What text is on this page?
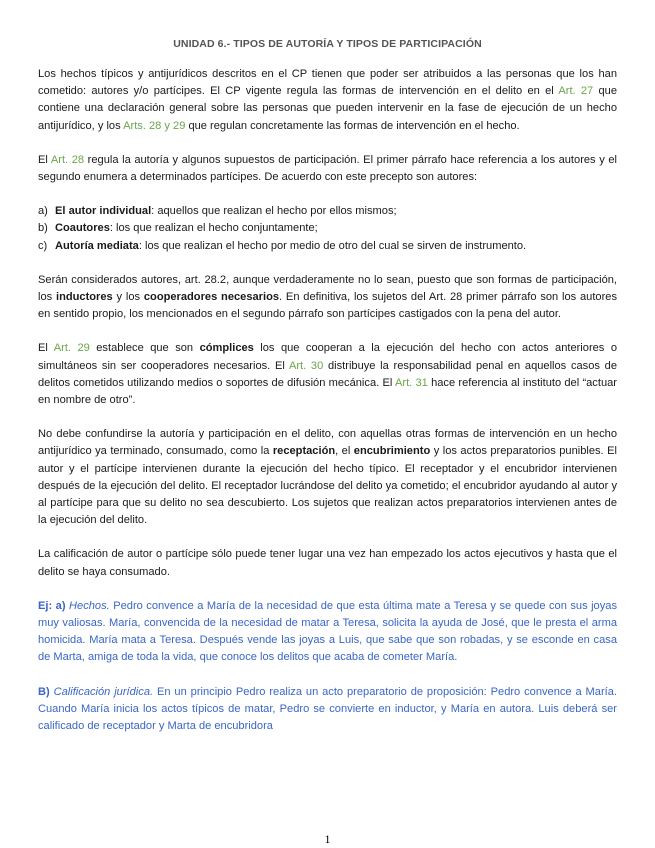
UNIDAD 6.- TIPOS DE AUTORÍA Y TIPOS DE PARTICIPACIÓN

Los hechos típicos y antijurídicos descritos en el CP tienen que poder ser atribuidos a las personas que los han cometido: autores y/o partícipes. El CP vigente regula las formas de intervención en el delito en el Art. 27 que contiene una declaración general sobre las personas que pueden intervenir en la fase de ejecución de un hecho antijurídico, y los Arts. 28 y 29 que regulan concretamente las formas de intervención en el hecho.

El Art. 28 regula la autoría y algunos supuestos de participación. El primer párrafo hace referencia a los autores y el segundo enumera a determinados partícipes. De acuerdo con este precepto son autores:

a) El autor individual: aquellos que realizan el hecho por ellos mismos;
b) Coautores: los que realizan el hecho conjuntamente;
c) Autoría mediata: los que realizan el hecho por medio de otro del cual se sirven de instrumento.

Serán considerados autores, art. 28.2, aunque verdaderamente no lo sean, puesto que son formas de participación, los inductores y los cooperadores necesarios. En definitiva, los sujetos del Art. 28 primer párrafo son los autores en sentido propio, los mencionados en el segundo párrafo son partícipes castigados con la pena del autor.

El Art. 29 establece que son cómplices los que cooperan a la ejecución del hecho con actos anteriores o simultáneos sin ser cooperadores necesarios. El Art. 30 distribuye la responsabilidad penal en aquellos casos de delitos cometidos utilizando medios o soportes de difusión mecánica. El Art. 31 hace referencia al instituto del “actuar en nombre de otro”.

No debe confundirse la autoría y participación en el delito, con aquellas otras formas de intervención en un hecho antijurídico ya terminado, consumado, como la receptación, el encubrimiento y los actos preparatorios punibles. El autor y el partícipe intervienen durante la ejecución del hecho típico. El receptador y el encubridor intervienen después de la ejecución del delito. El receptador lucrándose del delito ya cometido; el encubridor ayudando al autor y al partícipe para que su delito no sea descubierto. Los sujetos que realizan actos preparatorios intervienen antes de la ejecución del delito.

La calificación de autor o partícipe sólo puede tener lugar una vez han empezado los actos ejecutivos y hasta que el delito se haya consumado.

Ej: a) Hechos. Pedro convence a María de la necesidad de que esta última mate a Teresa y se quede con sus joyas muy valiosas. María, convencida de la necesidad de matar a Teresa, solicita la ayuda de José, que le presta el arma homicida. María mata a Teresa. Después vende las joyas a Luis, que sabe que son robadas, y se esconde en casa de Marta, amiga de toda la vida, que conoce los delitos que acaba de cometer María.

B) Calificación jurídica. En un principio Pedro realiza un acto preparatorio de proposición: Pedro convence a María. Cuando María inicia los actos típicos de matar, Pedro se convierte en inductor, y María en autora. Luis deberá ser calificado de receptador y Marta de encubridora

1
